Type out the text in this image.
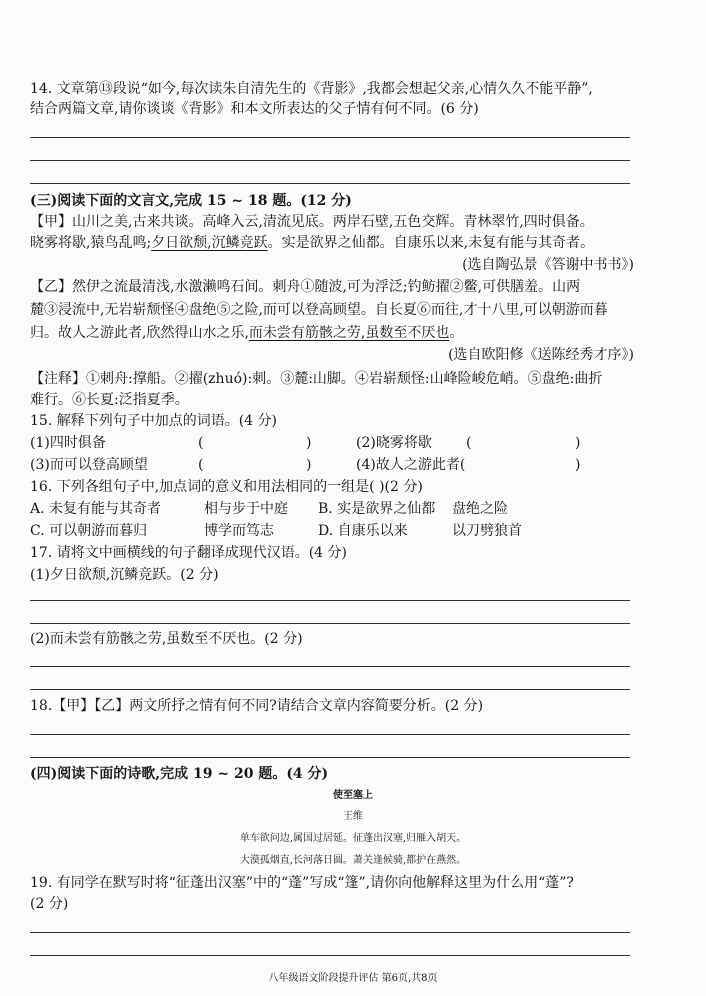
14. 文章第⑬段说“如今,每次读朱自清先生的《背影》,我都会想起父亲,心情久久不能平静”,
结合两篇文章,请你谈谈《背影》和本文所表达的父子情有何不同。(6 分)
(三)阅读下面的文言文,完成 15 ~ 18 题。(12 分)
【甲】山川之美,古来共谈。高峰入云,清流见底。两岸石壁,五色交辉。青林翠竹,四时俱备。
晓雾将歇,猿鸟乱鸣;夕日欲颓,沉鳞竞跃。实是欲界之仙都。自康乐以来,未复有能与其奇者。
(选自陶弘景《答谢中书书》)
【乙】然伊之流最清浅,水激濑鸣石间。刺舟①随波,可为浮泛;钓鲂擢②鳖,可供膳羞。山两
麓③浸流中,无岩崭颓怪④盘绝⑤之险,而可以登高顾望。自长夏⑥而往,才十八里,可以朝游而暮
归。故人之游此者,欣然得山水之乐,而未尝有筋骸之劳,虽数至不厌也。
(选自欧阳修《送陈经秀才序》)
【注释】①刺舟:撑船。②擢(zhuó):刺。③麓:山脚。④岩崭颓怪:山峰险峻危峭。⑤盘绝:曲折
难行。⑥长夏:泛指夏季。
15. 解释下列句子中加点的词语。(4 分)
(1)四时俱备	(	)	(2)晓雾将歇 (	)
(3)而可以登高顾望	(	)	(4)故人之游此者(	)
16. 下列各组句子中,加点词的意义和用法相同的一组是( )(2 分)
A. 未复有能与其奇者	相与步于中庭 B. 实是欲界之仙都 盘绝之险
C. 可以朝游而暮归	博学而笃志	D. 自康乐以来	以刀劈狼首
17. 请将文中画横线的句子翻译成现代汉语。(4 分)
(1)夕日欲颓,沉鳞竞跃。(2 分)
(2)而未尝有筋骸之劳,虽数至不厌也。(2 分)
18.【甲】【乙】两文所抒之情有何不同?请结合文章内容简要分析。(2 分)
(四)阅读下面的诗歌,完成 19 ~ 20 题。(4 分)
使至塞上
王维
单车欲问边,属国过居延。征蓬出汉塞,归雁入胡天。
大漠孤烟直,长河落日圆。萧关逢候骑,都护在燕然。
19. 有同学在默写时将“征蓬出汉塞”中的“蓬”写成“篷”,请你向他解释这里为什么用“蓬”?
(2 分)
八年级语文阶段提升评估 第6页,共8页
